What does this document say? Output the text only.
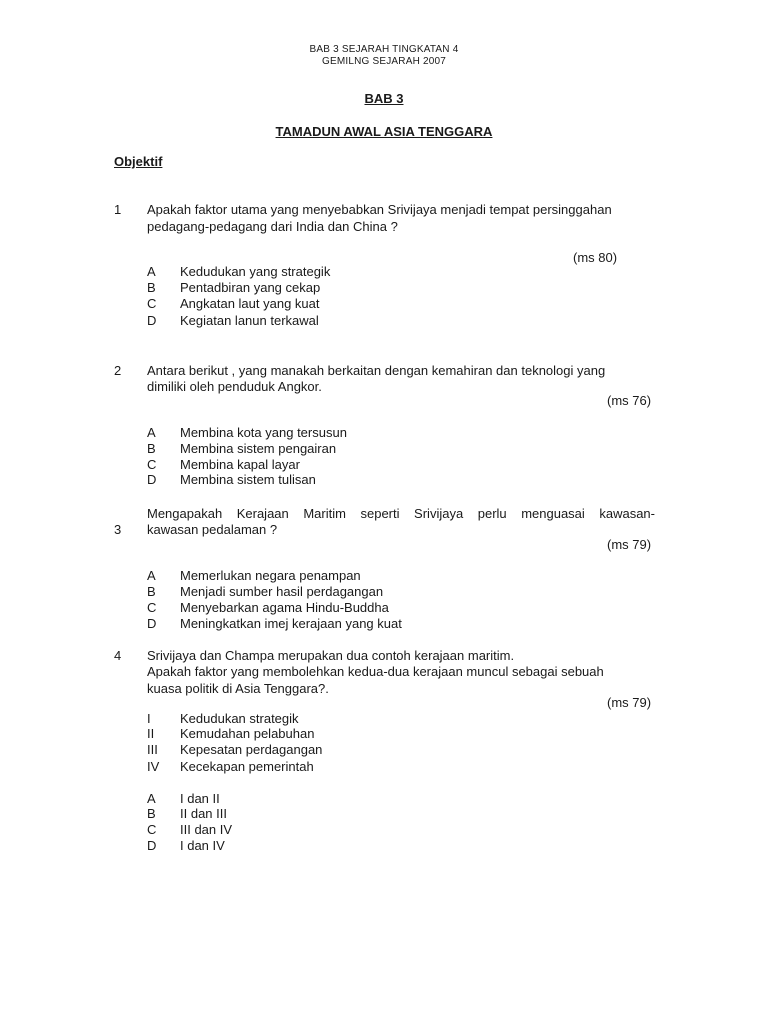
BAB 3 SEJARAH TINGKATAN 4
GEMILNG SEJARAH 2007
BAB 3
TAMADUN AWAL ASIA TENGGARA
Objektif
1 Apakah faktor utama yang menyebabkan Srivijaya menjadi tempat persinggahan
pedagang-pedagang dari India dan China ?
(ms 80)
A Kedudukan yang strategik
B Pentadbiran yang cekap
C Angkatan laut yang kuat
D Kegiatan lanun terkawal
2 Antara berikut , yang manakah berkaitan dengan kemahiran dan teknologi yang
dimiliki oleh penduduk Angkor.
(ms 76)
A Membina kota yang tersusun
B Membina sistem pengairan
C Membina kapal layar
D Membina sistem tulisan
Mengapakah Kerajaan Maritim seperti Srivijaya perlu menguasai kawasan-
3 kawasan pedalaman ?
(ms 79)
A Memerlukan negara penampan
B Menjadi sumber hasil perdagangan
C Menyebarkan agama Hindu-Buddha
D Meningkatkan imej kerajaan yang kuat
4 Srivijaya dan Champa merupakan dua contoh kerajaan maritim.
Apakah faktor yang membolehkan kedua-dua kerajaan muncul sebagai sebuah
kuasa politik di Asia Tenggara?.
(ms 79)
I Kedudukan strategik
II Kemudahan pelabuhan
III Kepesatan perdagangan
IV Kecekapan pemerintah
A I dan II
B II dan III
C III dan IV
D I dan IV
